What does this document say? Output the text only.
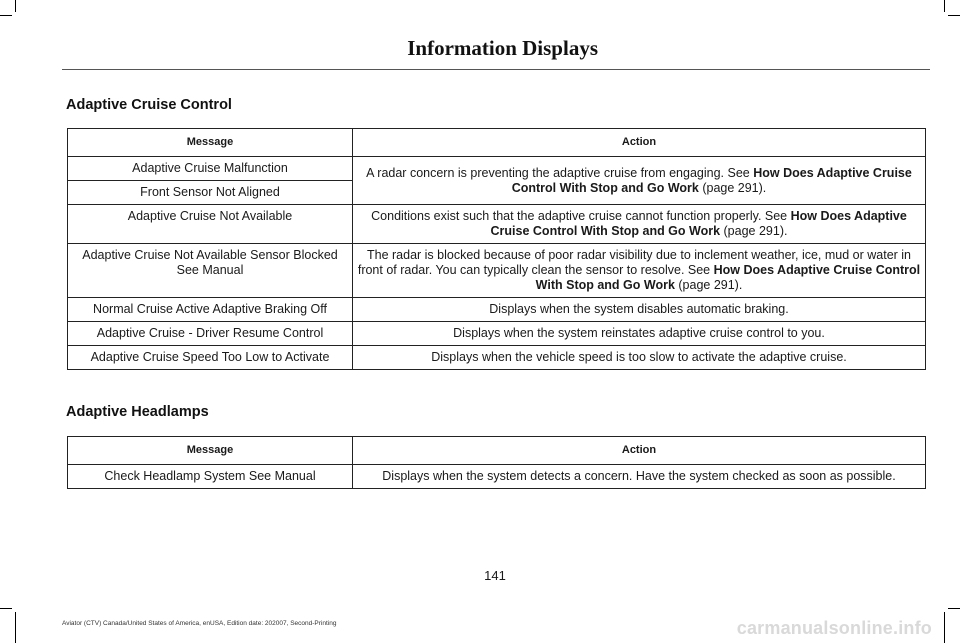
Information Displays
Adaptive Cruise Control
Message	Action
Adaptive Cruise Malfunction	A radar concern is preventing the adaptive cruise from engaging. See How Does Adaptive Cruise Control With Stop and Go Work (page 291).
Front Sensor Not Aligned	
Adaptive Cruise Not Available	Conditions exist such that the adaptive cruise cannot function properly. See How Does Adaptive Cruise Control With Stop and Go Work (page 291).
Adaptive Cruise Not Available Sensor Blocked See Manual	The radar is blocked because of poor radar visibility due to inclement weather, ice, mud or water in front of radar. You can typically clean the sensor to resolve. See How Does Adaptive Cruise Control With Stop and Go Work (page 291).
Normal Cruise Active Adaptive Braking Off	Displays when the system disables automatic braking.
Adaptive Cruise - Driver Resume Control	Displays when the system reinstates adaptive cruise control to you.
Adaptive Cruise Speed Too Low to Activate	Displays when the vehicle speed is too slow to activate the adaptive cruise.
Adaptive Headlamps
Message	Action
Check Headlamp System See Manual	Displays when the system detects a concern. Have the system checked as soon as possible.
141
Aviator (CTV) Canada/United States of America, enUSA, Edition date: 202007, Second-Printing	carmanualsonline.info
